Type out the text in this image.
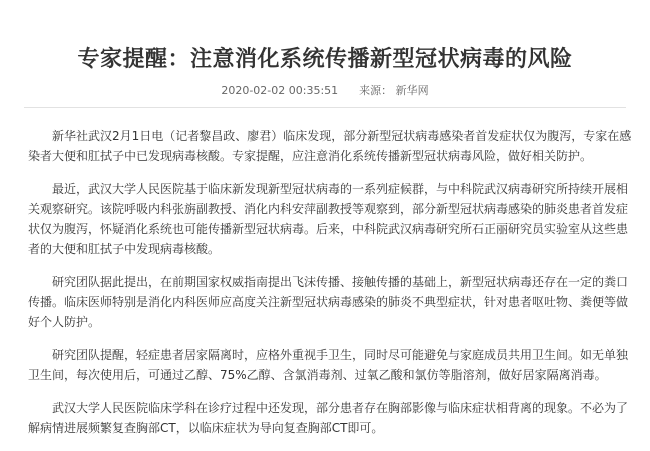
专家提醒：注意消化系统传播新型冠状病毒的风险
2020-02-02 00:35:51 来源： 新华网

新华社武汉2月1日电（记者黎昌政、廖君）临床发现，部分新型冠状病毒感染者首发症状仅为腹泻，专家在感染者大便和肛拭子中已发现病毒核酸。专家提醒，应注意消化系统传播新型冠状病毒风险，做好相关防护。

最近，武汉大学人民医院基于临床新发现新型冠状病毒的一系列症候群，与中科院武汉病毒研究所持续开展相关观察研究。该院呼吸内科张旃副教授、消化内科安萍副教授等观察到，部分新型冠状病毒感染的肺炎患者首发症状仅为腹泻，怀疑消化系统也可能传播新型冠状病毒。后来，中科院武汉病毒研究所石正丽研究员实验室从这些患者的大便和肛拭子中发现病毒核酸。

研究团队据此提出，在前期国家权威指南提出飞沫传播、接触传播的基础上，新型冠状病毒还存在一定的粪口传播。临床医师特别是消化内科医师应高度关注新型冠状病毒感染的肺炎不典型症状，针对患者呕吐物、粪便等做好个人防护。

研究团队提醒，轻症患者居家隔离时，应格外重视手卫生，同时尽可能避免与家庭成员共用卫生间。如无单独卫生间，每次使用后，可通过乙醇、75%乙醇、含氯消毒剂、过氧乙酸和氯仿等脂溶剂，做好居家隔离消毒。

武汉大学人民医院临床学科在诊疗过程中还发现，部分患者存在胸部影像与临床症状相背离的现象。不必为了解病情进展频繁复查胸部CT，以临床症状为导向复查胸部CT即可。
